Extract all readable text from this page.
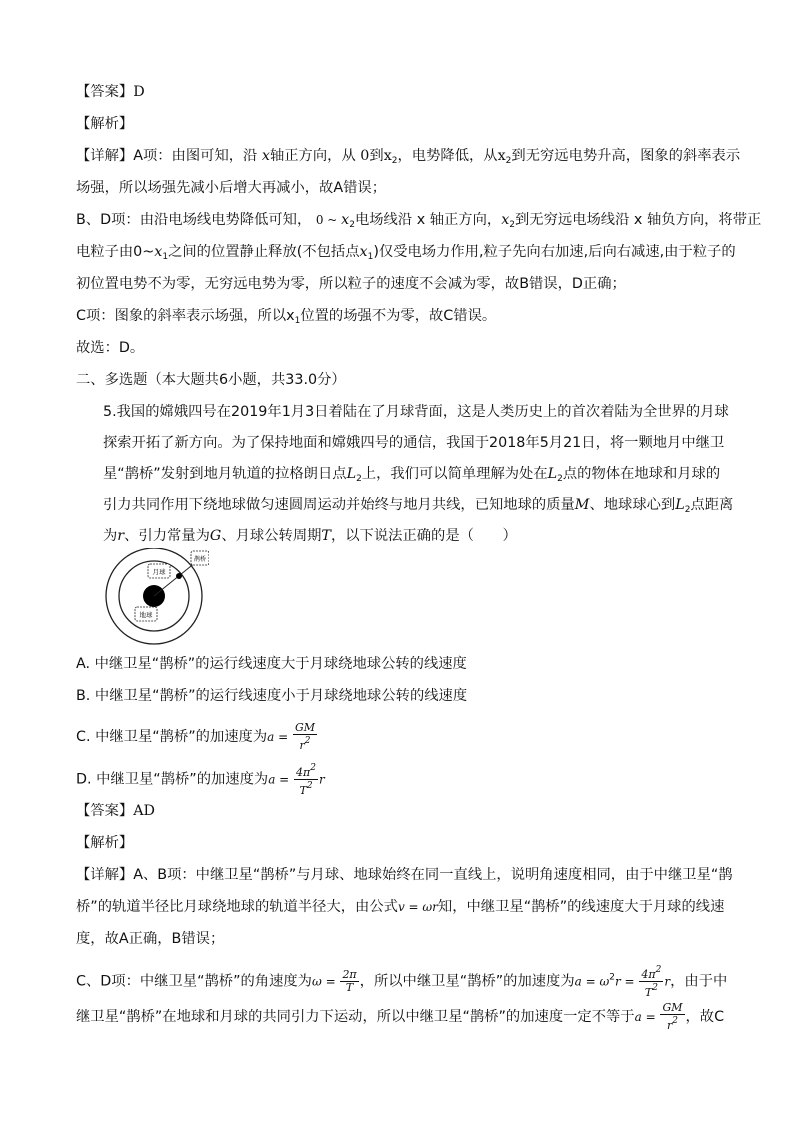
【答案】D
【解析】
【详解】A项：由图可知，沿 x轴正方向，从 0到$x_2$，电势降低，从$x_2$到无穷远电势升高，图象的斜率表示
场强，所以场强先减小后增大再减小，故A错误；
B、D项：由沿电场线电势降低可知， 0 ~ $x_2$电场线沿 x 轴正方向，$x_2$到无穷远电场线沿 x 轴负方向，将带正
电粒子由$0\sim x_1$之间的位置静止释放(不包括点$x_1$)仅受电场力作用,粒子先向右加速,后向右减速,由于粒子的
初位置电势不为零，无穷远电势为零，所以粒子的速度不会减为零，故B错误，D正确；
C项：图象的斜率表示场强，所以$x_1$位置的场强不为零，故C错误。
故选：D。
二、多选题（本大题共6小题，共33.0分）
5.我国的嫦娥四号在2019年1月3日着陆在了月球背面，这是人类历史上的首次着陆为全世界的月球
探索开拓了新方向。为了保持地面和嫦娥四号的通信，我国于2018年5月21日，将一颗地月中继卫
星“鹊桥”发射到地月轨道的拉格朗日点$L_2$上，我们可以简单理解为处在$L_2$点的物体在地球和月球的
引力共同作用下绕地球做匀速圆周运动并始终与地月共线，已知地球的质量M、地球球心到$L_2$点距离
为r、引力常量为G、月球公转周期T，以下说法正确的是（　　）
月球
鹊桥
地球
A. 中继卫星“鹊桥”的运行线速度大于月球绕地球公转的线速度
B. 中继卫星“鹊桥”的运行线速度小于月球绕地球公转的线速度
C. 中继卫星“鹊桥”的加速度为$a = \frac{GM}{r^2}$
D. 中继卫星“鹊桥”的加速度为$a = \frac{4\pi^2}{T^2}$ r
【答案】AD
【解析】
【详解】A、B项：中继卫星“鹊桥”与月球、地球始终在同一直线上，说明角速度相同，由于中继卫星“鹊
桥”的轨道半径比月球绕地球的轨道半径大，由公式v = ωr知，中继卫星“鹊桥”的线速度大于月球的线速
度，故A正确，B错误；
C、D项：中继卫星“鹊桥”的角速度为$\omega = \frac{2\pi}{T}$ ，所以中继卫星“鹊桥”的加速度为$a = \omega^2r = \frac{4\pi^2}{T^2}$ r，由于中
继卫星“鹊桥”在地球和月球的共同引力下运动，所以中继卫星“鹊桥”的加速度一定不等于$a = \frac{GM}{r^2}$ ，故C
